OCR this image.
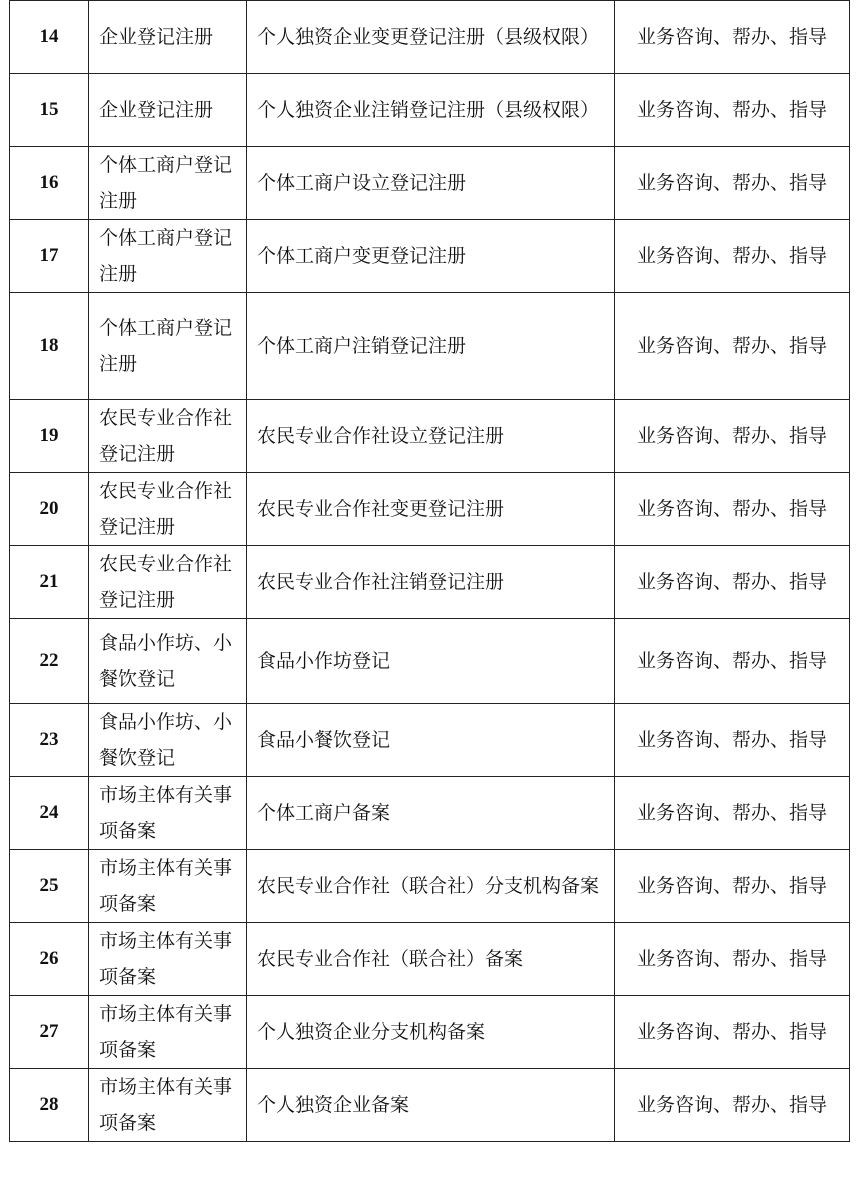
14	企业登记注册	个人独资企业变更登记注册（县级权限）	业务咨询、帮办、指导
15	企业登记注册	个人独资企业注销登记注册（县级权限）	业务咨询、帮办、指导
16	个体工商户登记注册	个体工商户设立登记注册	业务咨询、帮办、指导
17	个体工商户登记注册	个体工商户变更登记注册	业务咨询、帮办、指导
18	个体工商户登记注册	个体工商户注销登记注册	业务咨询、帮办、指导
19	农民专业合作社登记注册	农民专业合作社设立登记注册	业务咨询、帮办、指导
20	农民专业合作社登记注册	农民专业合作社变更登记注册	业务咨询、帮办、指导
21	农民专业合作社登记注册	农民专业合作社注销登记注册	业务咨询、帮办、指导
22	食品小作坊、小餐饮登记	食品小作坊登记	业务咨询、帮办、指导
23	食品小作坊、小餐饮登记	食品小餐饮登记	业务咨询、帮办、指导
24	市场主体有关事项备案	个体工商户备案	业务咨询、帮办、指导
25	市场主体有关事项备案	农民专业合作社（联合社）分支机构备案	业务咨询、帮办、指导
26	市场主体有关事项备案	农民专业合作社（联合社）备案	业务咨询、帮办、指导
27	市场主体有关事项备案	个人独资企业分支机构备案	业务咨询、帮办、指导
28	市场主体有关事项备案	个人独资企业备案	业务咨询、帮办、指导
